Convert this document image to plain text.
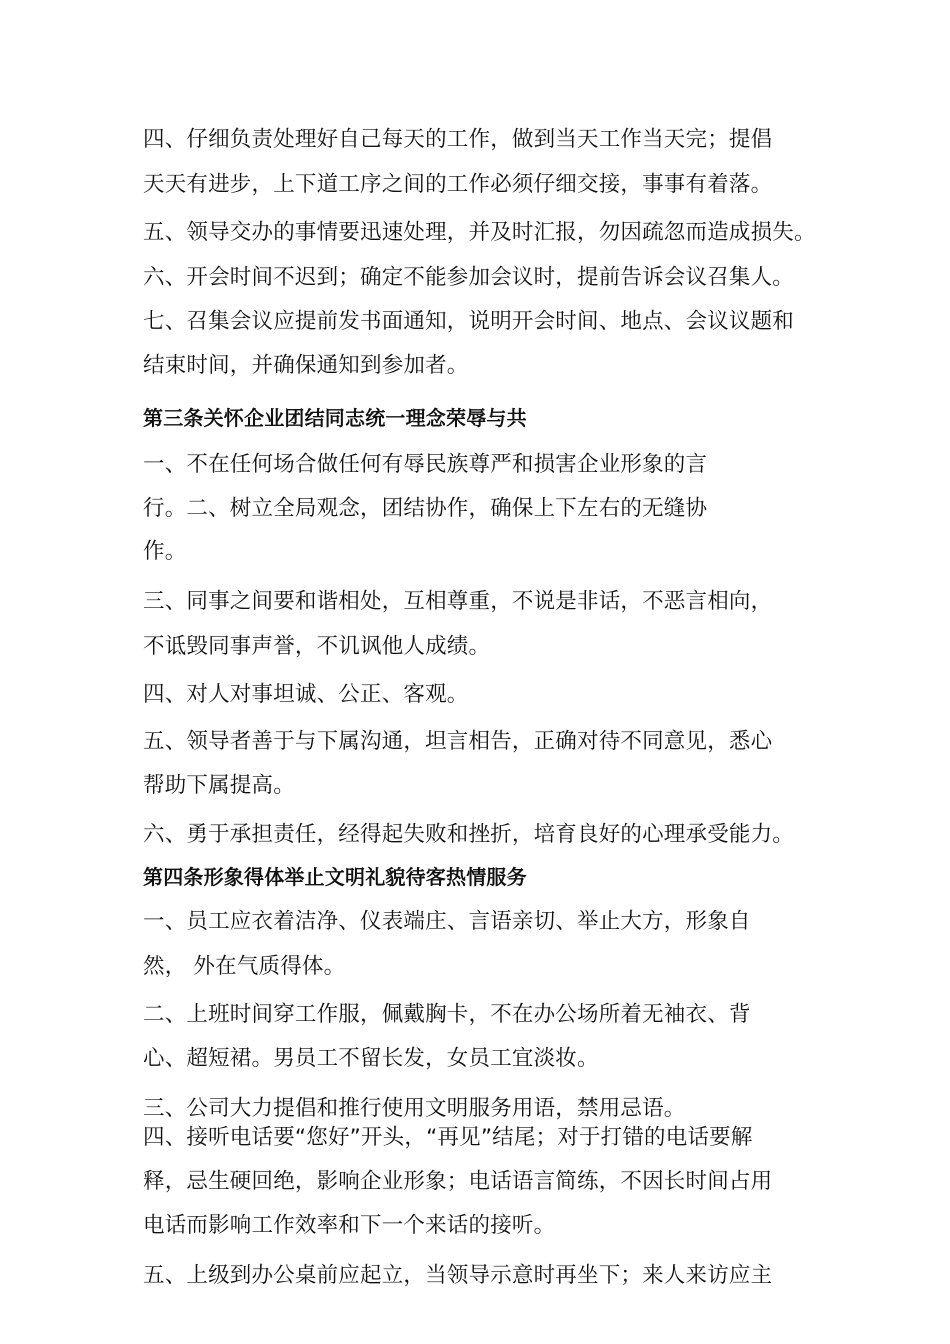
四、仔细负责处理好自己每天的工作，做到当天工作当天完；提倡
天天有进步，上下道工序之间的工作必须仔细交接，事事有着落。
五、领导交办的事情要迅速处理，并及时汇报，勿因疏忽而造成损失。
六、开会时间不迟到；确定不能参加会议时，提前告诉会议召集人。
七、召集会议应提前发书面通知，说明开会时间、地点、会议议题和
结束时间，并确保通知到参加者。
第三条关怀企业团结同志统一理念荣辱与共
一、不在任何场合做任何有辱民族尊严和损害企业形象的言
行。二、树立全局观念，团结协作，确保上下左右的无缝协
作。
三、同事之间要和谐相处，互相尊重，不说是非话，不恶言相向，
不诋毁同事声誉，不讥讽他人成绩。
四、对人对事坦诚、公正、客观。
五、领导者善于与下属沟通，坦言相告，正确对待不同意见，悉心
帮助下属提高。
六、勇于承担责任，经得起失败和挫折，培育良好的心理承受能力。
第四条形象得体举止文明礼貌待客热情服务
一、员工应衣着洁净、仪表端庄、言语亲切、举止大方，形象自
然， 外在气质得体。
二、上班时间穿工作服，佩戴胸卡，不在办公场所着无袖衣、背
心、超短裙。男员工不留长发，女员工宜淡妆。
三、公司大力提倡和推行使用文明服务用语，禁用忌语。
四、接听电话要“您好”开头，“再见”结尾；对于打错的电话要解
释，忌生硬回绝，影响企业形象；电话语言简练，不因长时间占用
电话而影响工作效率和下一个来话的接听。
五、上级到办公桌前应起立，当领导示意时再坐下；来人来访应主
